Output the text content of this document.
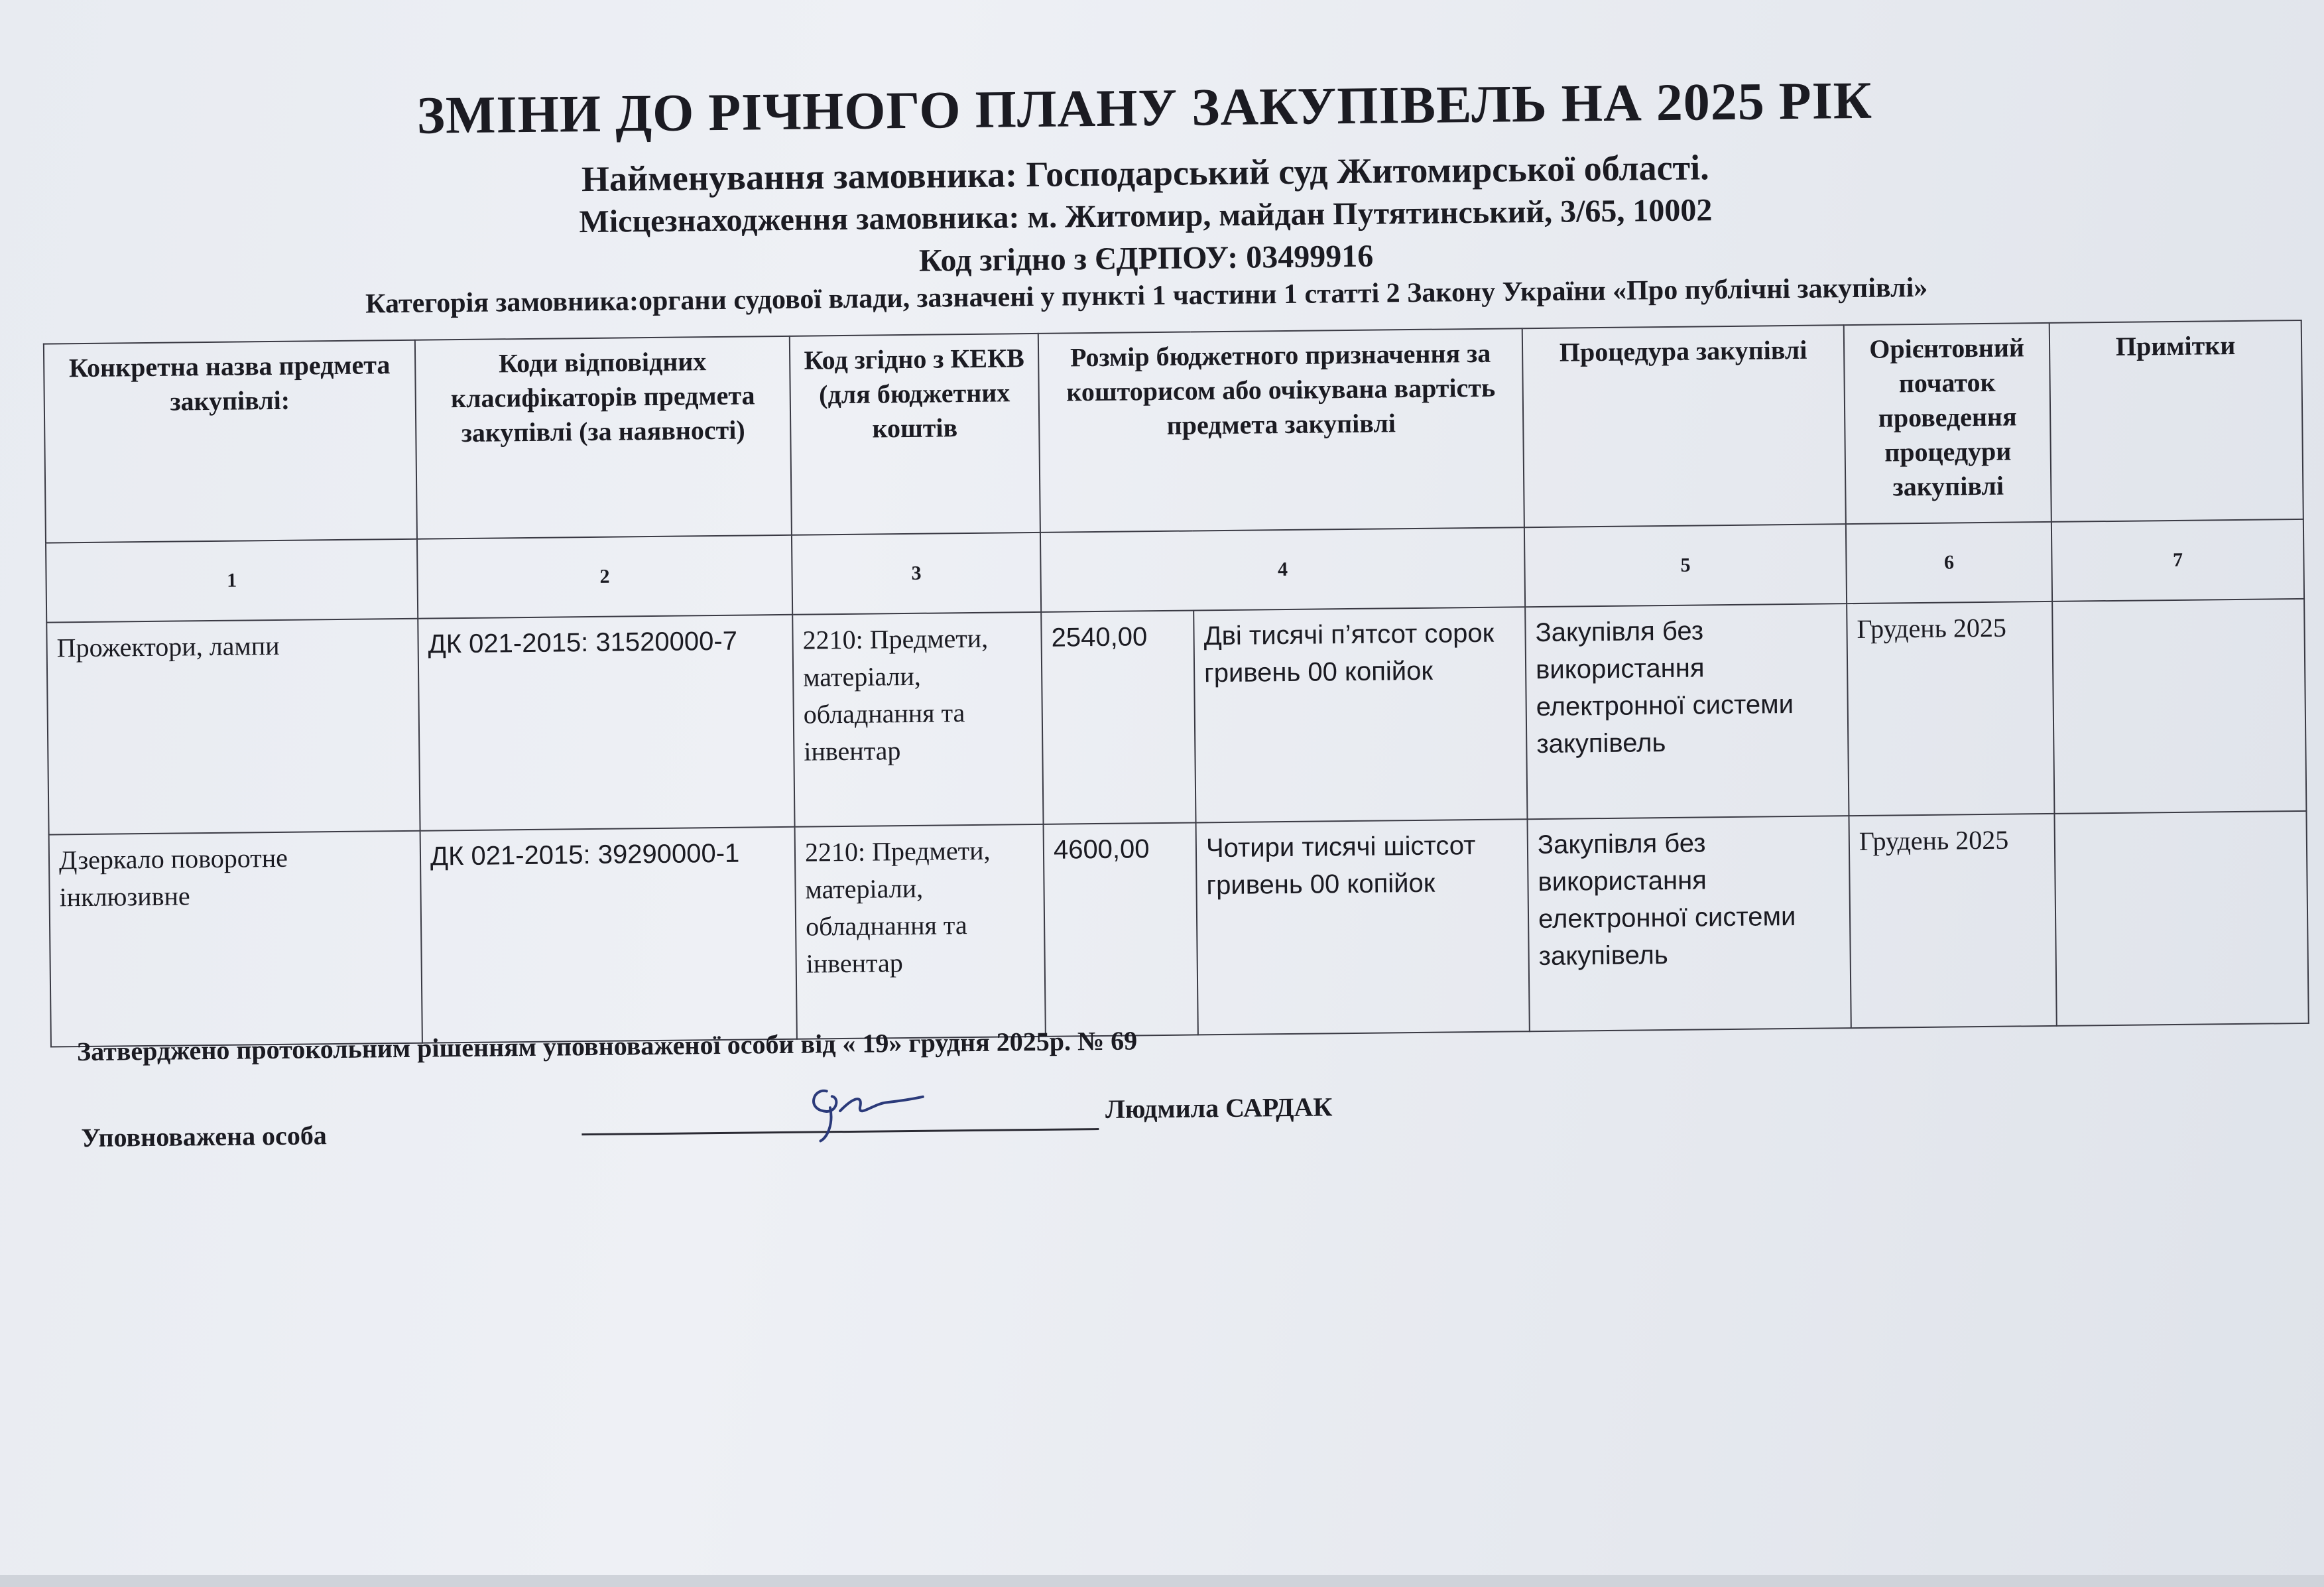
ЗМІНИ ДО РІЧНОГО ПЛАНУ ЗАКУПІВЕЛЬ НА 2025 РІК
Найменування замовника: Господарський суд Житомирської області.
Місцезнаходження замовника: м. Житомир, майдан Путятинський, 3/65, 10002
Код згідно з ЄДРПОУ: 03499916
Категорія замовника:органи судової влади, зазначені у пункті 1 частини 1 статті 2 Закону України «Про публічні закупівлі»
Конкретна назва предмета закупівлі:	Коди відповідних класифікаторів предмета закупівлі (за наявності)	Код згідно з КЕКВ (для бюджетних коштів	Розмір бюджетного призначення за кошторисом або очікувана вартість предмета закупівлі		Процедура закупівлі	Орієнтовний початок проведення процедури закупівлі	Примітки
1	2	3	4		5	6	7
Прожектори, лампи	ДК 021-2015: 31520000-7	2210: Предмети, матеріали, обладнання та інвентар	2540,00	Дві тисячі п’ятсот сорок гривень 00 копійок	Закупівля без використання електронної системи закупівель	Грудень 2025	
Дзеркало поворотне інклюзивне	ДК 021-2015: 39290000-1	2210: Предмети, матеріали, обладнання та інвентар	4600,00	Чотири тисячі шістсот гривень 00 копійок	Закупівля без використання електронної системи закупівель	Грудень 2025	
Затверджено протокольним рішенням уповноваженої особи від « 19» грудня 2025р. № 69
Уповноважена особа
Людмила САРДАК
